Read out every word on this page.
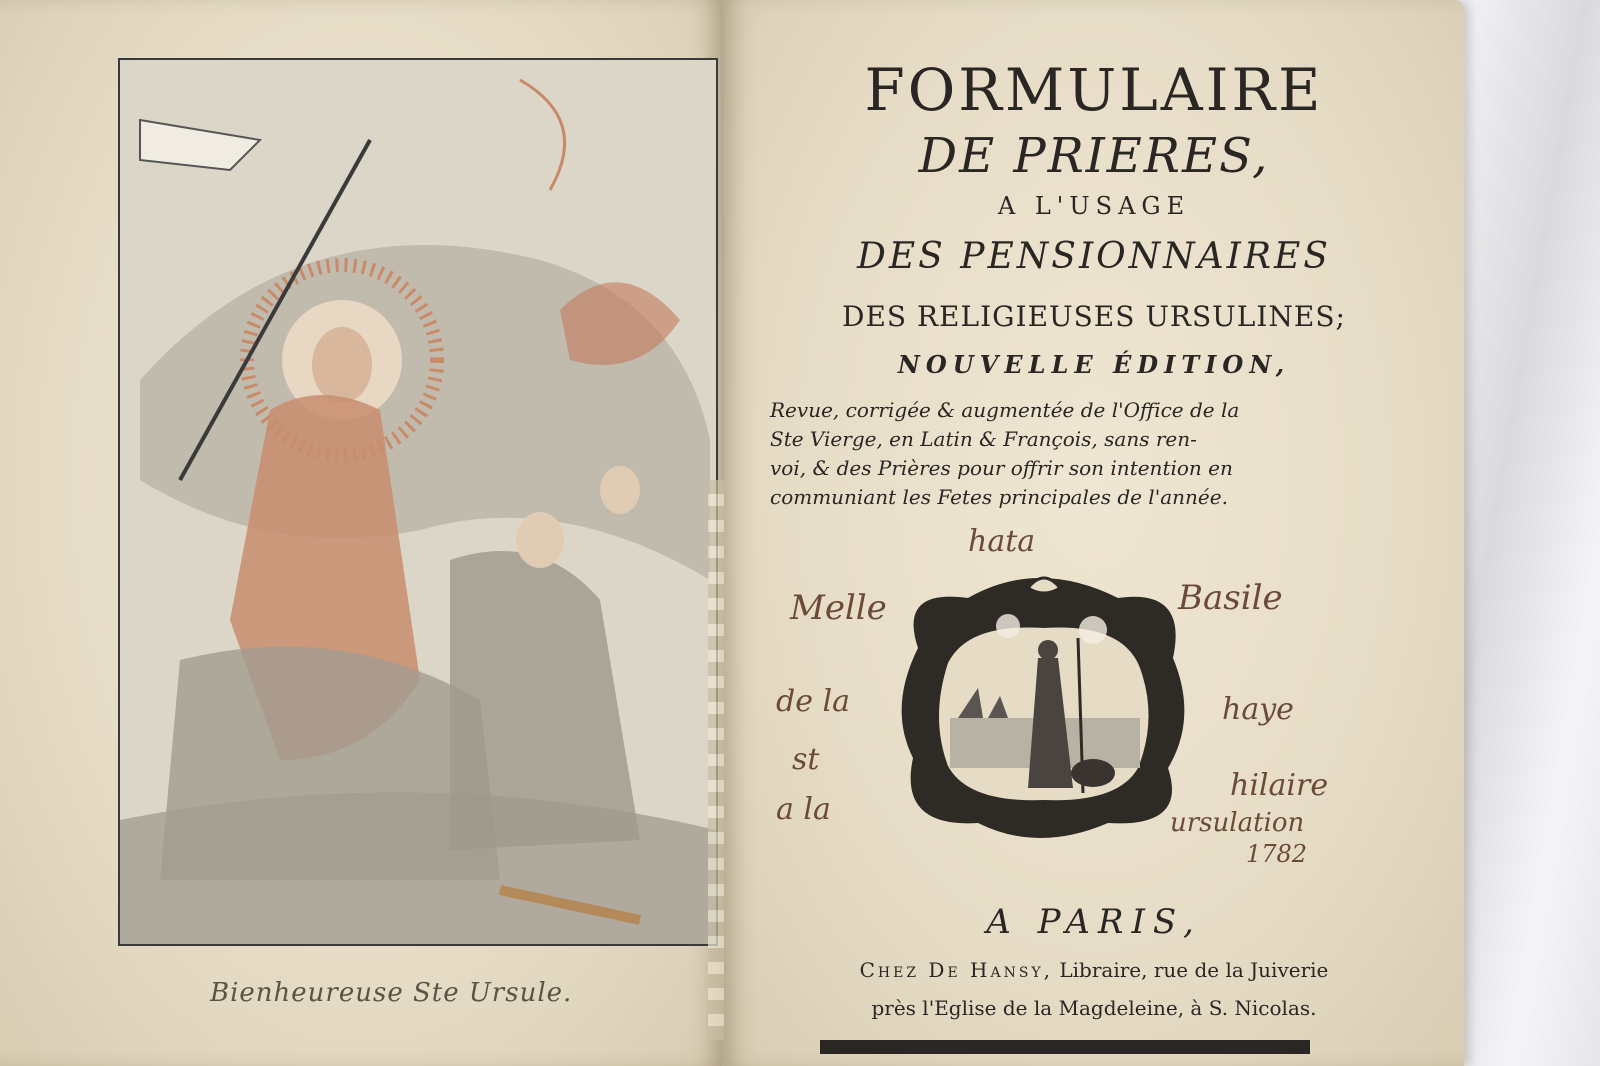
Bienheureuse Ste Ursule.

FORMULAIRE

DE PRIERES,

A L'USAGE

DES PENSIONNAIRES

DES RELIGIEUSES URSULINES;

NOUVELLE ÉDITION,

Revue, corrigée & augmentée de l'Office de la
Ste Vierge, en Latin & François, sans ren-
voi, & des Prières pour offrir son intention en
communiant les Fetes principales de l'année.
hata
Melle
de la
st
a la
Basile
haye
hilaire
ursulation
1782

A PARIS,

Chez De Hansy, Libraire, rue de la Juiverie

près l'Eglise de la Magdeleine, à S. Nicolas.
